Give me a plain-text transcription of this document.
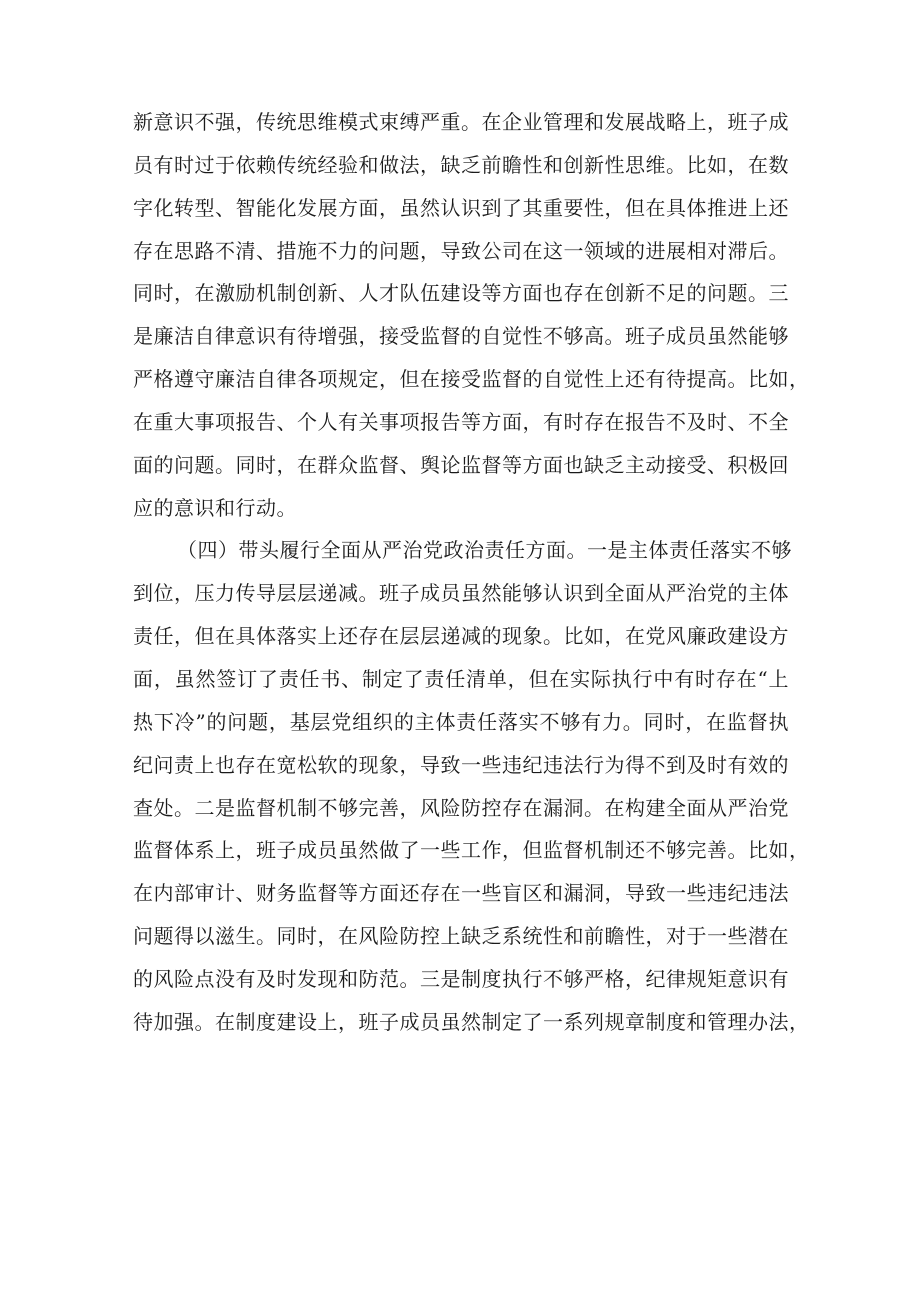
新意识不强，传统思维模式束缚严重。在企业管理和发展战略上，班子成
员有时过于依赖传统经验和做法，缺乏前瞻性和创新性思维。比如，在数
字化转型、智能化发展方面，虽然认识到了其重要性，但在具体推进上还
存在思路不清、措施不力的问题，导致公司在这一领域的进展相对滞后。
同时，在激励机制创新、人才队伍建设等方面也存在创新不足的问题。三
是廉洁自律意识有待增强，接受监督的自觉性不够高。班子成员虽然能够
严格遵守廉洁自律各项规定，但在接受监督的自觉性上还有待提高。比如，
在重大事项报告、个人有关事项报告等方面，有时存在报告不及时、不全
面的问题。同时，在群众监督、舆论监督等方面也缺乏主动接受、积极回
应的意识和行动。
（四）带头履行全面从严治党政治责任方面。一是主体责任落实不够
到位，压力传导层层递减。班子成员虽然能够认识到全面从严治党的主体
责任，但在具体落实上还存在层层递减的现象。比如，在党风廉政建设方
面，虽然签订了责任书、制定了责任清单，但在实际执行中有时存在“上
热下冷”的问题，基层党组织的主体责任落实不够有力。同时，在监督执
纪问责上也存在宽松软的现象，导致一些违纪违法行为得不到及时有效的
查处。二是监督机制不够完善，风险防控存在漏洞。在构建全面从严治党
监督体系上，班子成员虽然做了一些工作，但监督机制还不够完善。比如，
在内部审计、财务监督等方面还存在一些盲区和漏洞，导致一些违纪违法
问题得以滋生。同时，在风险防控上缺乏系统性和前瞻性，对于一些潜在
的风险点没有及时发现和防范。三是制度执行不够严格，纪律规矩意识有
待加强。在制度建设上，班子成员虽然制定了一系列规章制度和管理办法，
